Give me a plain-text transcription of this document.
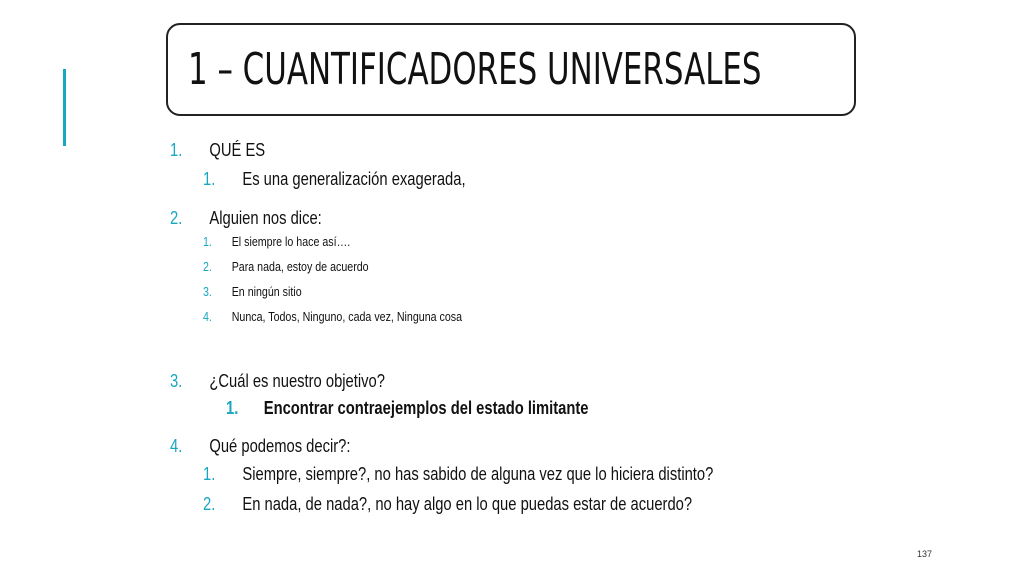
1 – CUANTIFICADORES UNIVERSALES
1. QUÉ ES
1. Es una generalización exagerada,
2. Alguien nos dice:
1. El siempre lo hace así….
2. Para nada, estoy de acuerdo
3. En ningún sitio
4. Nunca, Todos, Ninguno, cada vez, Ninguna cosa
3. ¿Cuál es nuestro objetivo?
1. Encontrar contraejemplos del estado limitante
4. Qué podemos decir?:
1. Siempre, siempre?, no has sabido de alguna vez que lo hiciera distinto?
2. En nada, de nada?, no hay algo en lo que puedas estar de acuerdo?
137
